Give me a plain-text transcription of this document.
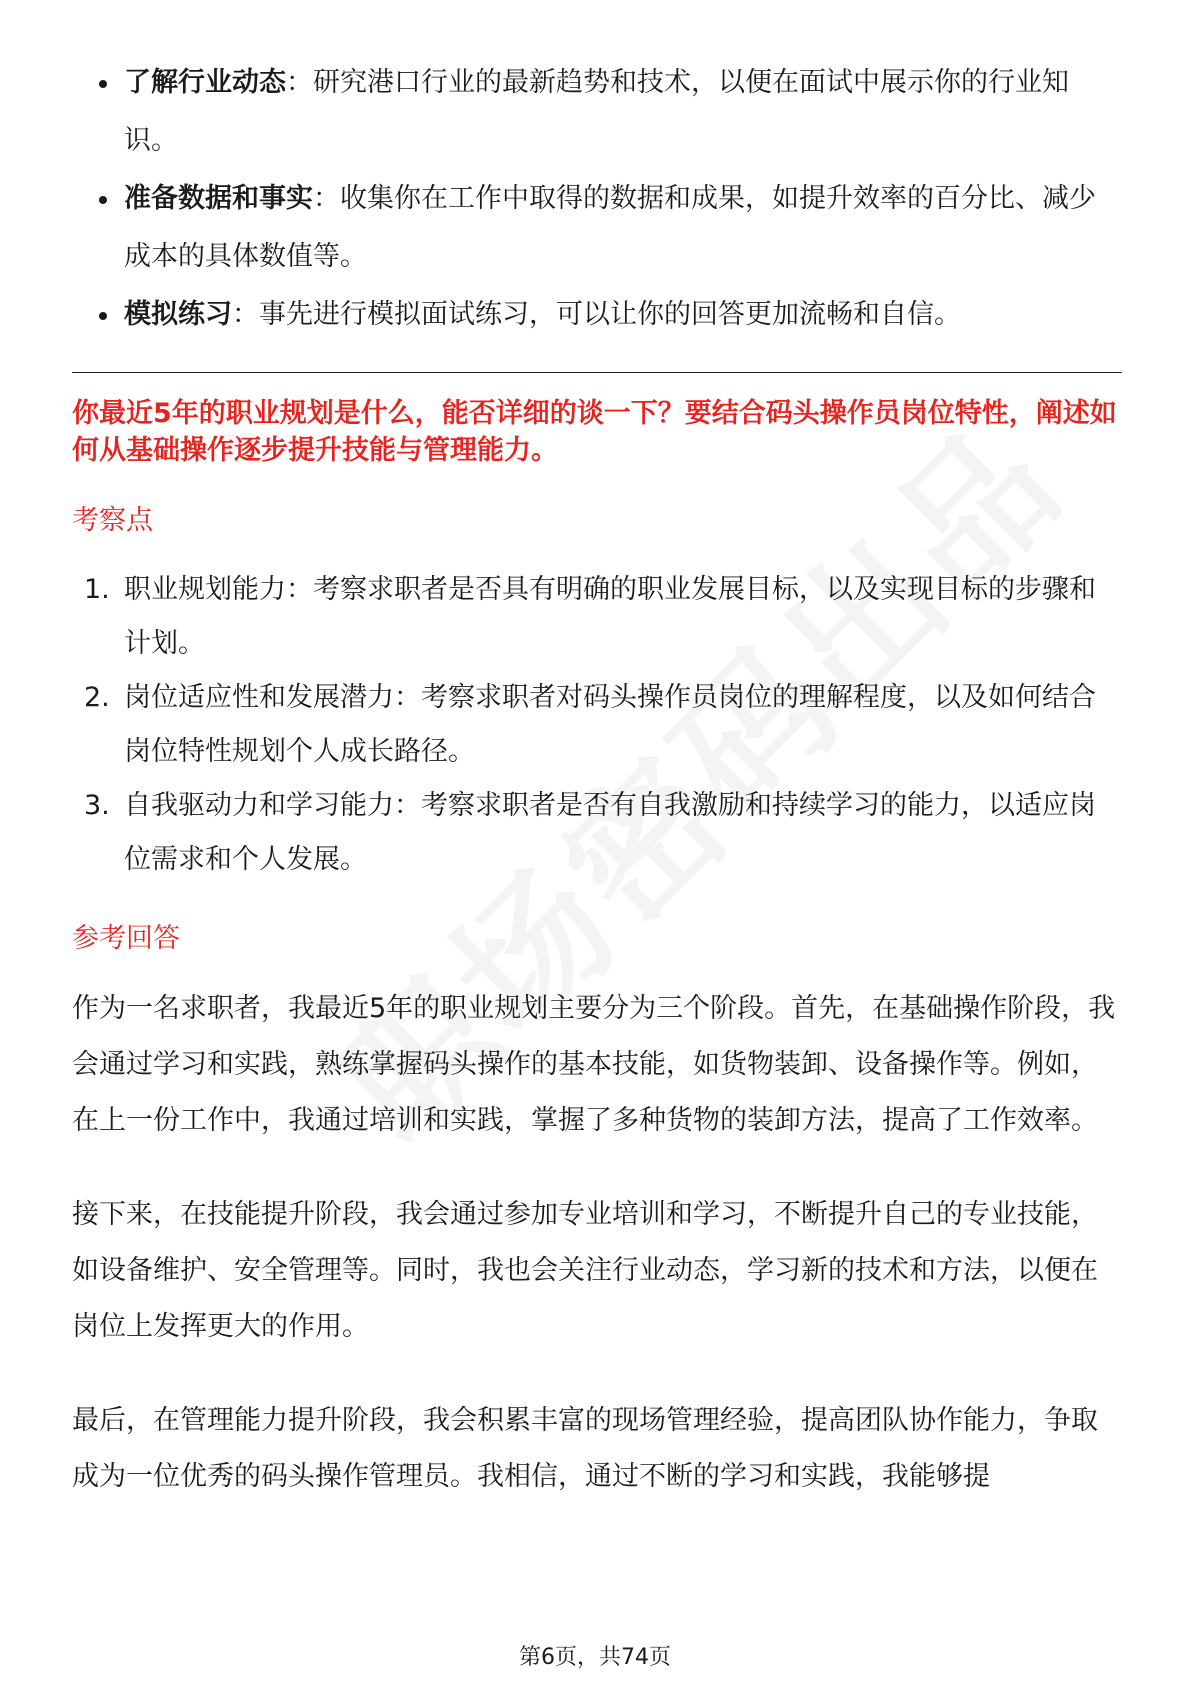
了解行业动态：研究港口行业的最新趋势和技术，以便在面试中展示你的行业知识。
准备数据和事实：收集你在工作中取得的数据和成果，如提升效率的百分比、减少成本的具体数值等。
模拟练习：事先进行模拟面试练习，可以让你的回答更加流畅和自信。

你最近5年的职业规划是什么，能否详细的谈一下？要结合码头操作员岗位特性，阐述如何从基础操作逐步提升技能与管理能力。

考察点
1. 职业规划能力：考察求职者是否具有明确的职业发展目标，以及实现目标的步骤和计划。
2. 岗位适应性和发展潜力：考察求职者对码头操作员岗位的理解程度，以及如何结合岗位特性规划个人成长路径。
3. 自我驱动力和学习能力：考察求职者是否有自我激励和持续学习的能力，以适应岗位需求和个人发展。
参考回答

作为一名求职者，我最近5年的职业规划主要分为三个阶段。首先，在基础操作阶段，我会通过学习和实践，熟练掌握码头操作的基本技能，如货物装卸、设备操作等。例如，在上一份工作中，我通过培训和实践，掌握了多种货物的装卸方法，提高了工作效率。

接下来，在技能提升阶段，我会通过参加专业培训和学习，不断提升自己的专业技能，如设备维护、安全管理等。同时，我也会关注行业动态，学习新的技术和方法，以便在岗位上发挥更大的作用。

最后，在管理能力提升阶段，我会积累丰富的现场管理经验，提高团队协作能力，争取成为一位优秀的码头操作管理员。我相信，通过不断的学习和实践，我能够提

第6页，共74页
